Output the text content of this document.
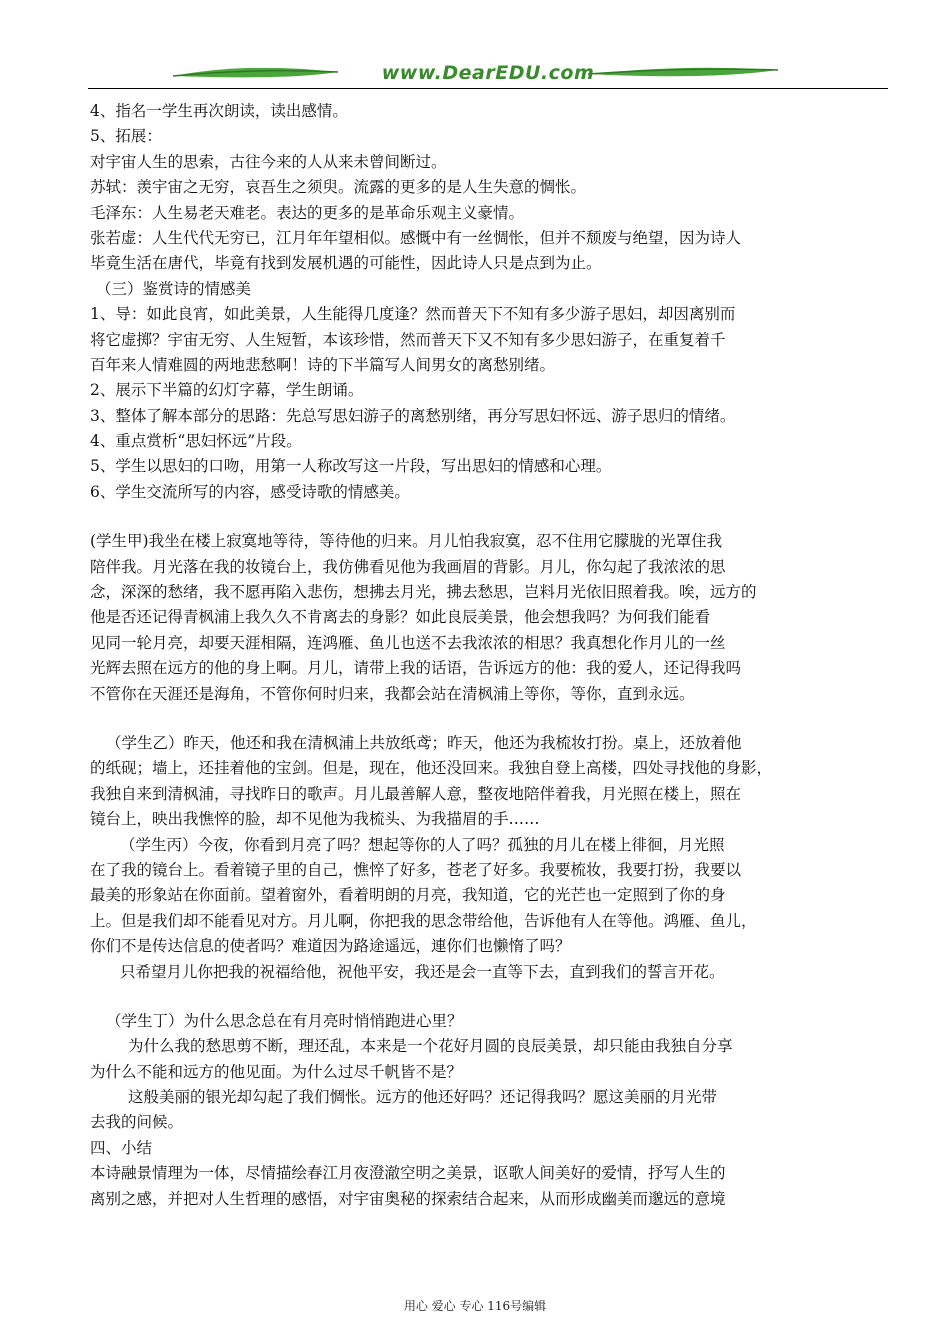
www.DearEDU.com
4、指名一学生再次朗读，读出感情。
5、拓展：
对宇宙人生的思索，古往今来的人从来未曾间断过。
苏轼：羡宇宙之无穷，哀吾生之须臾。流露的更多的是人生失意的惆怅。
毛泽东：人生易老天难老。表达的更多的是革命乐观主义豪情。
张若虚：人生代代无穷已，江月年年望相似。感慨中有一丝惆怅，但并不颓废与绝望，因为诗人
毕竟生活在唐代，毕竟有找到发展机遇的可能性，因此诗人只是点到为止。
（三）鉴赏诗的情感美
1、导：如此良宵，如此美景，人生能得几度逢？然而普天下不知有多少游子思妇，却因离别而
将它虚掷？宇宙无穷、人生短暂，本该珍惜，然而普天下又不知有多少思妇游子，在重复着千
百年来人情难圆的两地悲愁啊！诗的下半篇写人间男女的离愁别绪。
2、展示下半篇的幻灯字幕，学生朗诵。
3、整体了解本部分的思路：先总写思妇游子的离愁别绪，再分写思妇怀远、游子思归的情绪。
4、重点赏析“思妇怀远”片段。
5、学生以思妇的口吻，用第一人称改写这一片段，写出思妇的情感和心理。
6、学生交流所写的内容，感受诗歌的情感美。
(学生甲)我坐在楼上寂寞地等待，等待他的归来。月儿怕我寂寞，忍不住用它朦胧的光罩住我
陪伴我。月光落在我的妆镜台上，我仿佛看见他为我画眉的背影。月儿，你勾起了我浓浓的思
念，深深的愁绪，我不愿再陷入悲伤，想拂去月光，拂去愁思，岂料月光依旧照着我。唉，远方的
他是否还记得青枫浦上我久久不肯离去的身影？如此良辰美景，他会想我吗？为何我们能看
见同一轮月亮，却要天涯相隔，连鸿雁、鱼儿也送不去我浓浓的相思？我真想化作月儿的一丝
光辉去照在远方的他的身上啊。月儿，请带上我的话语，告诉远方的他：我的爱人，还记得我吗
不管你在天涯还是海角，不管你何时归来，我都会站在清枫浦上等你，等你，直到永远。
（学生乙）昨天，他还和我在清枫浦上共放纸鸢；昨天，他还为我梳妆打扮。桌上，还放着他
的纸砚；墙上，还挂着他的宝剑。但是，现在，他还没回来。我独自登上高楼，四处寻找他的身影，
我独自来到清枫浦，寻找昨日的歌声。月儿最善解人意，整夜地陪伴着我，月光照在楼上，照在
镜台上，映出我憔悴的脸，却不见他为我梳头、为我描眉的手……
（学生丙）今夜，你看到月亮了吗？想起等你的人了吗？孤独的月儿在楼上徘徊，月光照
在了我的镜台上。看着镜子里的自己，憔悴了好多，苍老了好多。我要梳妆，我要打扮，我要以
最美的形象站在你面前。望着窗外，看着明朗的月亮，我知道，它的光芒也一定照到了你的身
上。但是我们却不能看见对方。月儿啊，你把我的思念带给他，告诉他有人在等他。鸿雁、鱼儿，
你们不是传达信息的使者吗？难道因为路途遥远，連你们也懒惰了吗？
只希望月儿你把我的祝福给他，祝他平安，我还是会一直等下去，直到我们的誓言开花。
（学生丁）为什么思念总在有月亮时悄悄跑进心里？
为什么我的愁思剪不断，理还乱，本来是一个花好月圆的良辰美景，却只能由我独自分享
为什么不能和远方的他见面。为什么过尽千帆皆不是？
这般美丽的银光却勾起了我们惆怅。远方的他还好吗？还记得我吗？愿这美丽的月光带
去我的问候。
四、小结
本诗融景情理为一体，尽情描绘春江月夜澄澈空明之美景，讴歌人间美好的爱情，抒写人生的
离别之感，并把对人生哲理的感悟，对宇宙奥秘的探索结合起来，从而形成幽美而邈远的意境
用心 爱心 专心 116号编辑
